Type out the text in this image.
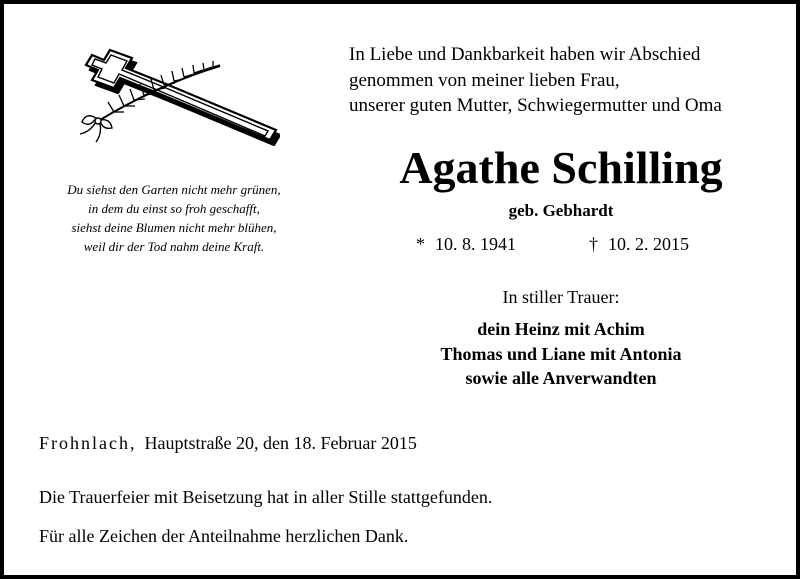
Du siehst den Garten nicht mehr grünen,
in dem du einst so froh geschafft,
siehst deine Blumen nicht mehr blühen,
weil dir der Tod nahm deine Kraft.
In Liebe und Dankbarkeit haben wir Abschied
genommen von meiner lieben Frau,
unserer guten Mutter, Schwiegermutter und Oma
Agathe Schilling
geb. Gebhardt
* 10. 8. 1941	† 10. 2. 2015
In stiller Trauer:
dein Heinz mit Achim
Thomas und Liane mit Antonia
sowie alle Anverwandten
Frohnlach, Hauptstraße 20, den 18. Februar 2015
Die Trauerfeier mit Beisetzung hat in aller Stille stattgefunden.
Für alle Zeichen der Anteilnahme herzlichen Dank.
